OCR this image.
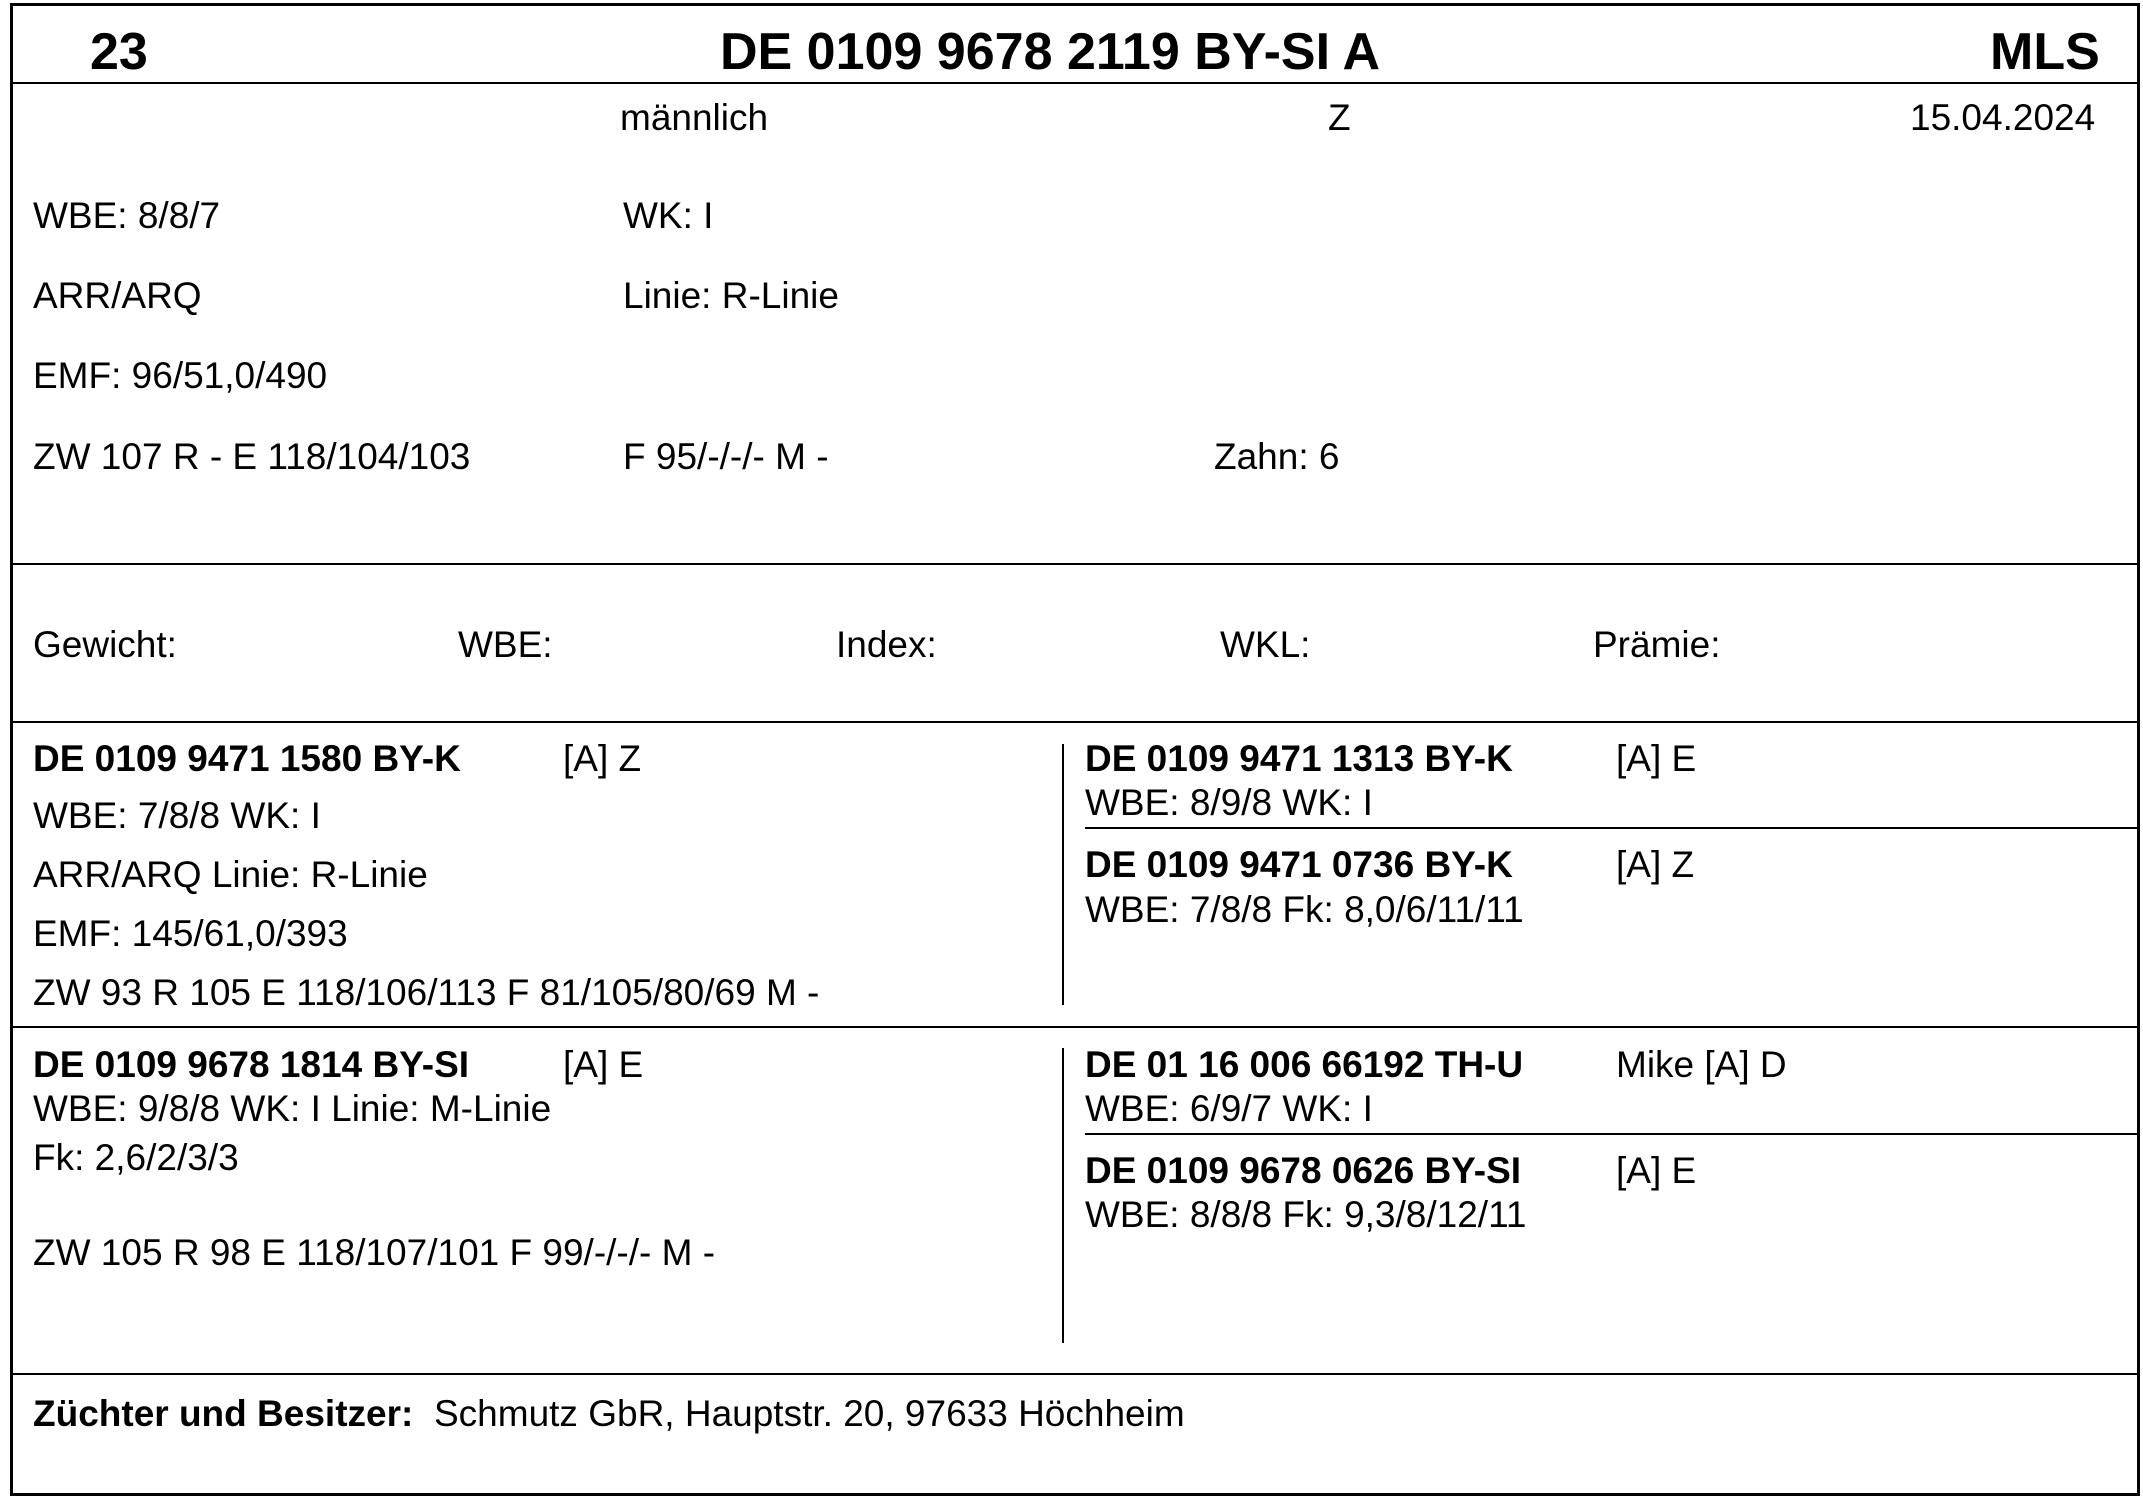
23	DE 0109 9678 2119 BY-SI A	MLS
männlich	Z	15.04.2024
WBE: 8/8/7	WK: I
ARR/ARQ	Linie: R-Linie
EMF: 96/51,0/490
ZW 107 R - E 118/104/103	F 95/-/-/- M -	Zahn: 6
Gewicht:	WBE:	Index:	WKL:	Prämie:
DE 0109 9471 1580 BY-K	[A] Z
WBE: 7/8/8 WK: I
ARR/ARQ Linie: R-Linie
EMF: 145/61,0/393
ZW 93 R 105 E 118/106/113 F 81/105/80/69 M -
DE 0109 9471 1313 BY-K	[A] E
WBE: 8/9/8 WK: I
DE 0109 9471 0736 BY-K	[A] Z
WBE: 7/8/8 Fk: 8,0/6/11/11
DE 0109 9678 1814 BY-SI	[A] E
WBE: 9/8/8 WK: I Linie: M-Linie
Fk: 2,6/2/3/3
ZW 105 R 98 E 118/107/101 F 99/-/-/- M -
DE 01 16 006 66192 TH-U	Mike [A] D
WBE: 6/9/7 WK: I
DE 0109 9678 0626 BY-SI	[A] E
WBE: 8/8/8 Fk: 9,3/8/12/11
Züchter und Besitzer: Schmutz GbR, Hauptstr. 20, 97633 Höchheim
